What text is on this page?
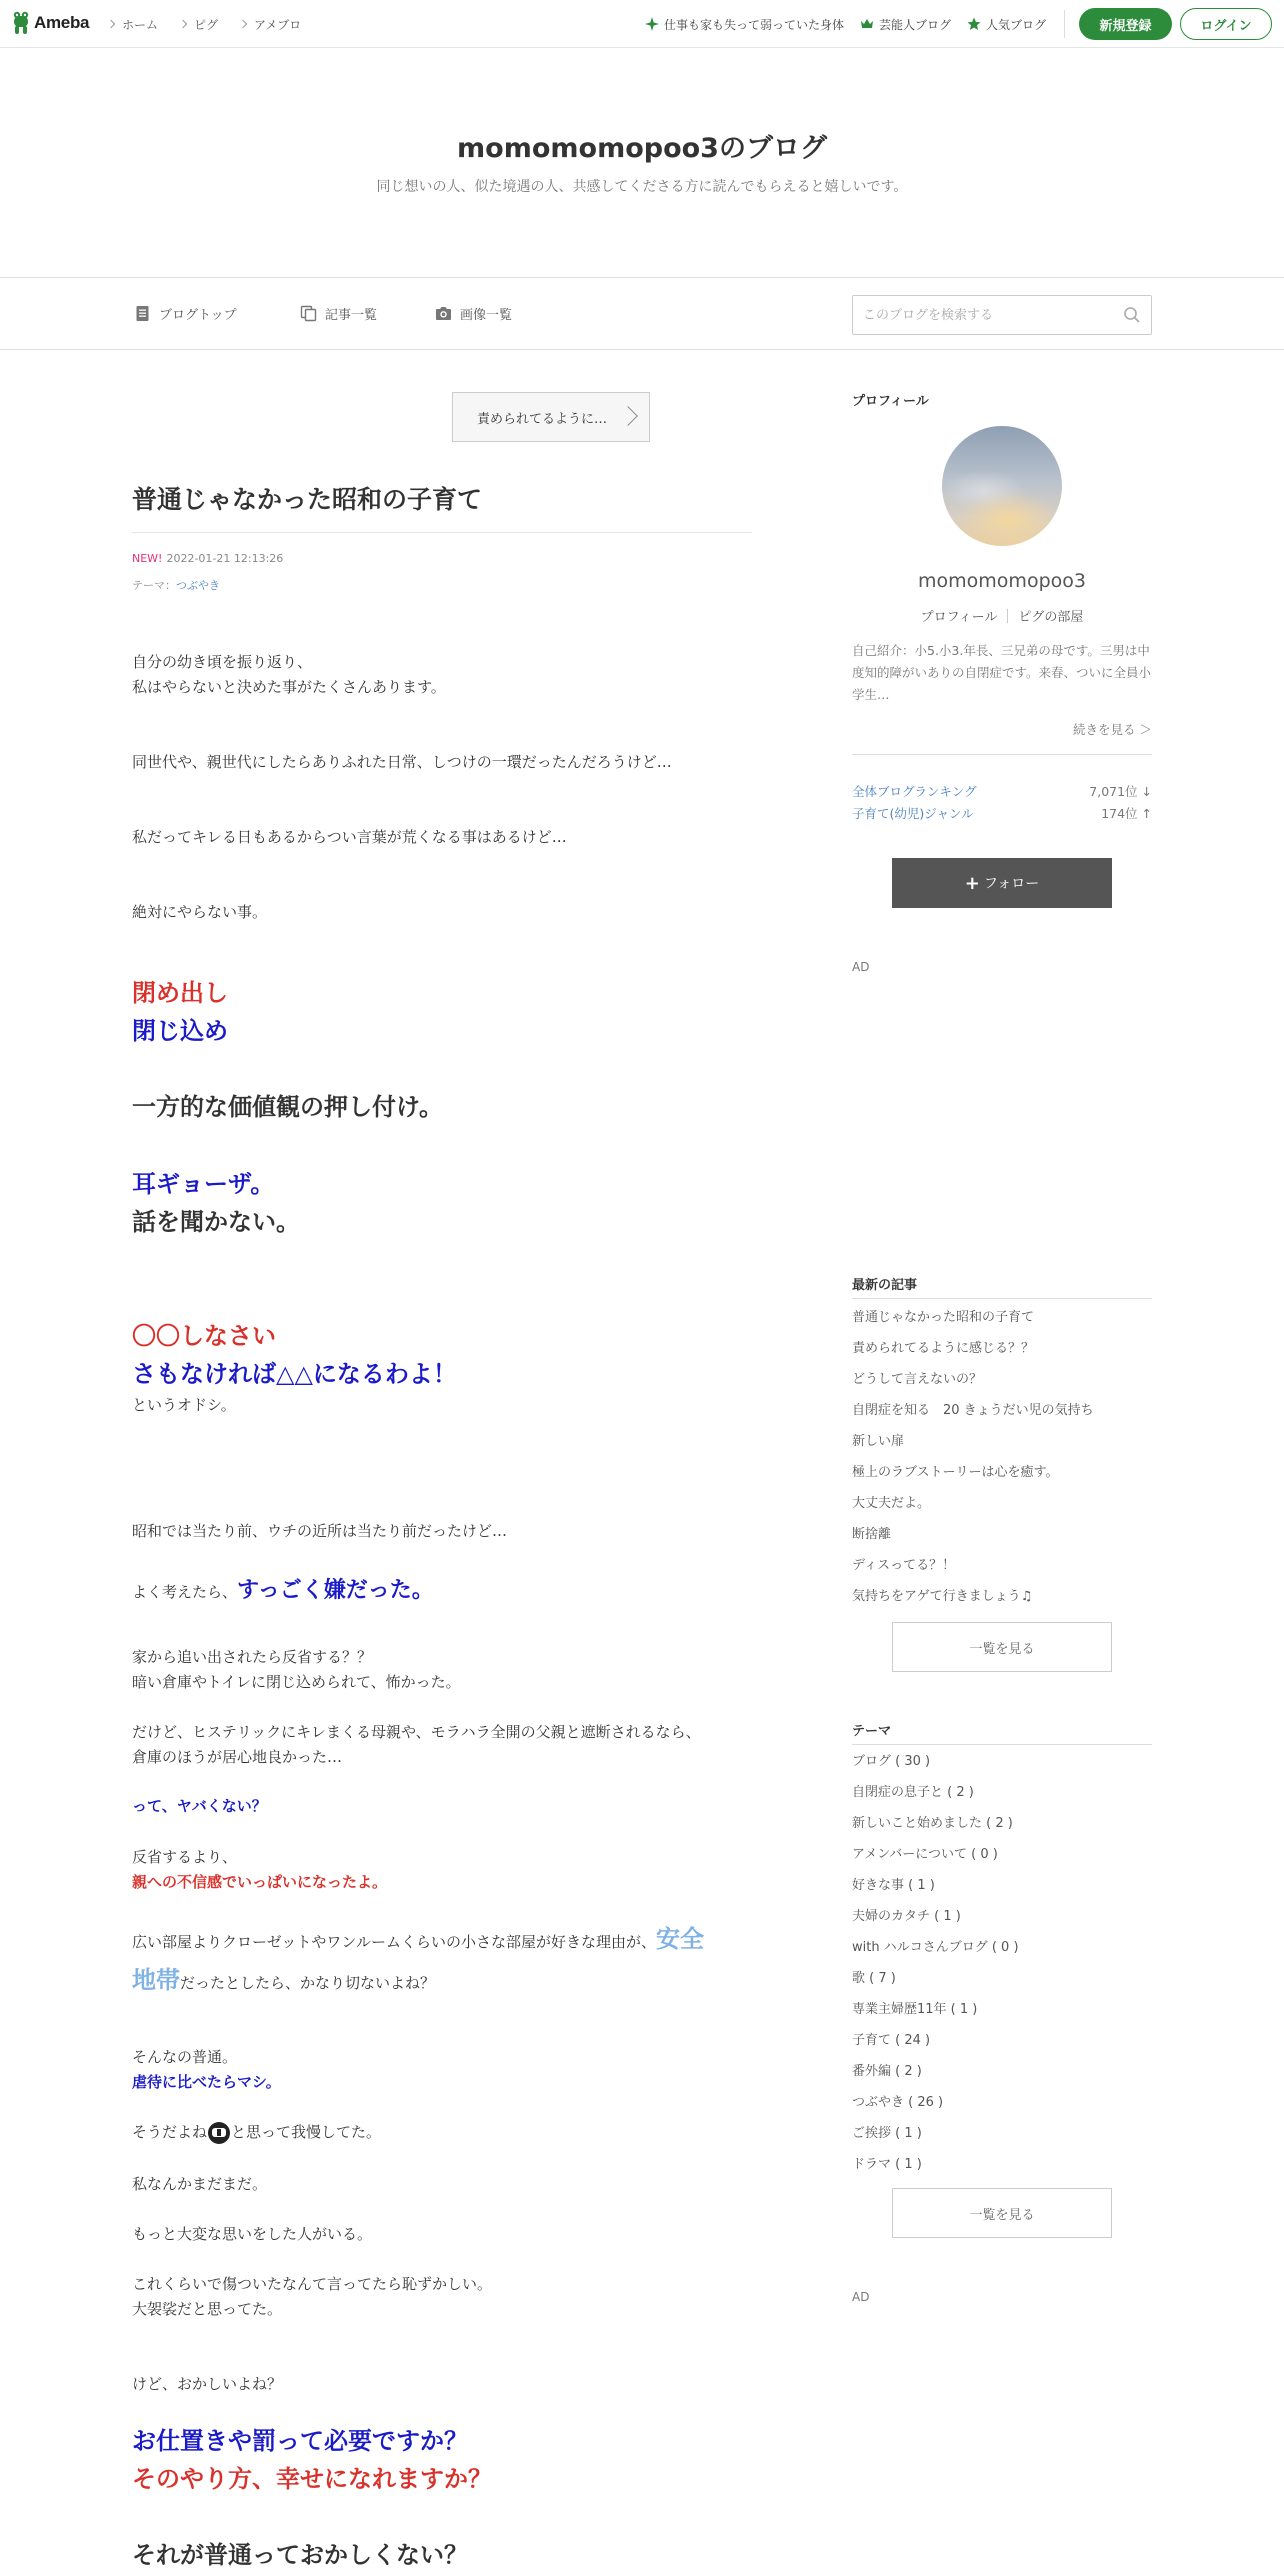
Ameba	ホーム	ピグ	アメブロ	仕事も家も失って弱っていた身体	芸能人ブログ	人気ブログ	新規登録	ログイン
momomomopoo3のブログ

同じ想いの人、似た境遇の人、共感してくださる方に読んでもらえると嬉しいです。

ブログトップ	記事一覧	画像一覧
このブログを検索する
責められてるように…
普通じゃなかった昭和の子育て
NEW! 2022-01-21 12:13:26
テーマ：つぶやき
自分の幼き頃を振り返り、
私はやらないと決めた事がたくさんあります。
同世代や、親世代にしたらありふれた日常、しつけの一環だったんだろうけど…
私だってキレる日もあるからつい言葉が荒くなる事はあるけど…
絶対にやらない事。
閉め出し
閉じ込め
一方的な価値観の押し付け。
耳ギョーザ。
話を聞かない。
〇〇しなさい
さもなければ△△になるわよ！
というオドシ。
昭和では当たり前、ウチの近所は当たり前だったけど…
よく考えたら、すっごく嫌だった。
家から追い出されたら反省する？？
暗い倉庫やトイレに閉じ込められて、怖かった。
だけど、ヒステリックにキレまくる母親や、モラハラ全開の父親と遮断されるなら、
倉庫のほうが居心地良かった…
って、ヤバくない？
反省するより、
親への不信感でいっぱいになったよ。
広い部屋よりクローゼットやワンルームくらいの小さな部屋が好きな理由が、安全
地帯だったとしたら、かなり切ないよね？
そんなの普通。
虐待に比べたらマシ。
そうだよね と思って我慢してた。
私なんかまだまだ。
もっと大変な思いをした人がいる。
これくらいで傷ついたなんて言ってたら恥ずかしい。
大袈裟だと思ってた。
けど、おかしいよね？
お仕置きや罰って必要ですか？
そのやり方、幸せになれますか？
それが普通っておかしくない？
プロフィール
momomomopoo3
プロフィール ピグの部屋
自己紹介：小5.小3.年長、三兄弟の母です。三男は中度知的障がいありの自閉症です。来春、ついに全員小学生…
続きを見る ＞
全体ブログランキング	7,071位 ↓
子育て(幼児)ジャンル	174位 ↑
+ フォロー
AD
最新の記事
普通じゃなかった昭和の子育て
責められてるように感じる？？
どうして言えないの？
自閉症を知る　20 きょうだい児の気持ち
新しい扉
極上のラブストーリーは心を癒す。
大丈夫だよ。
断捨離
ディスってる？！
気持ちをアゲて行きましょう♫
一覧を見る
テーマ
ブログ ( 30 )
自閉症の息子と ( 2 )
新しいこと始めました ( 2 )
アメンバーについて ( 0 )
好きな事 ( 1 )
夫婦のカタチ ( 1 )
with ハルコさんブログ ( 0 )
歌 ( 7 )
専業主婦歴11年 ( 1 )
子育て ( 24 )
番外編 ( 2 )
つぶやき ( 26 )
ご挨拶 ( 1 )
ドラマ ( 1 )
一覧を見る
AD
